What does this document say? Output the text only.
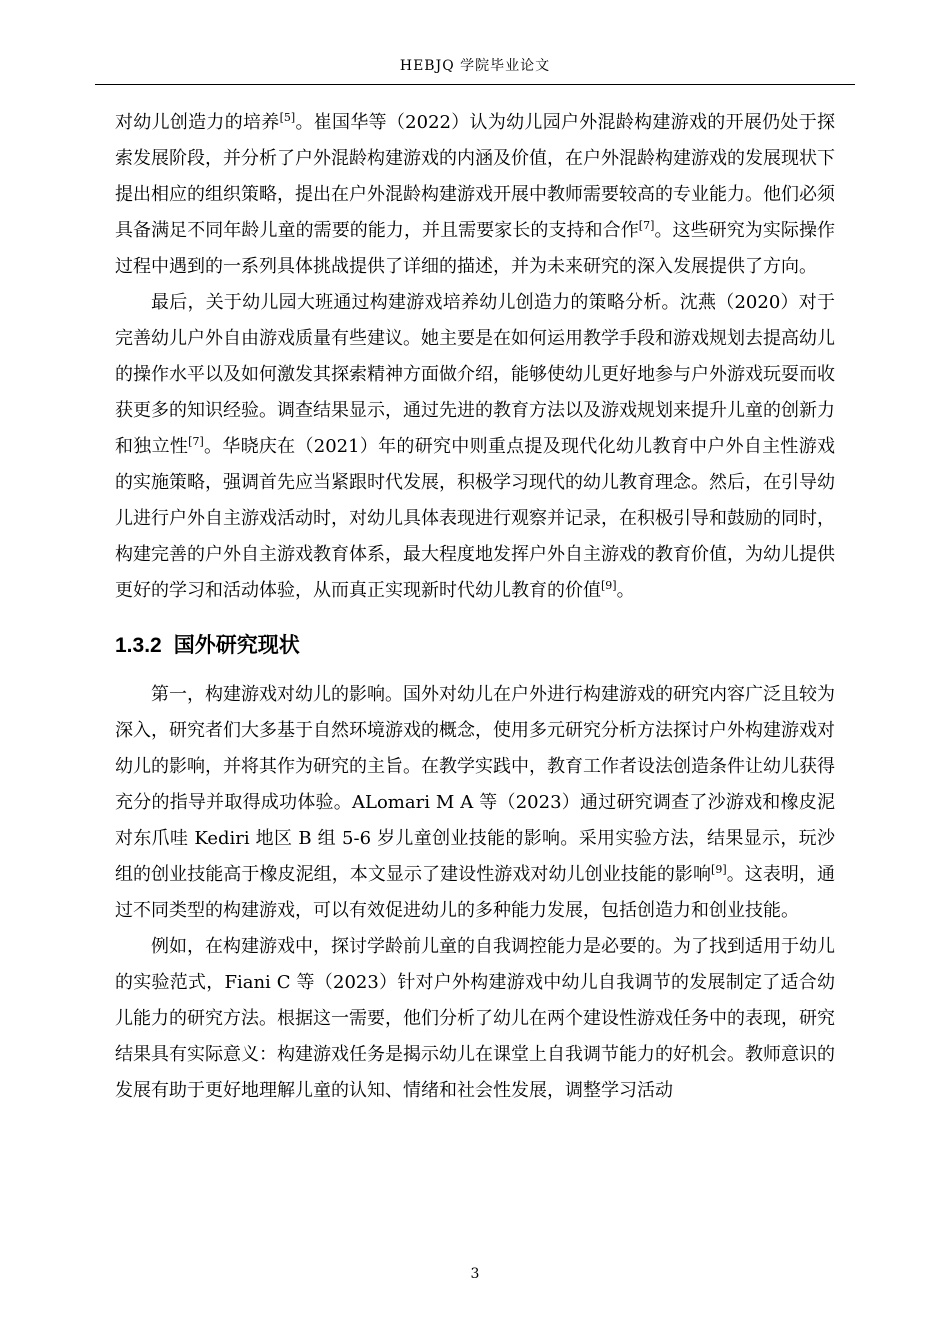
HEBJQ 学院毕业论文

对幼儿创造力的培养[5]。崔国华等（2022）认为幼儿园户外混龄构建游戏的开展仍处于探索发展阶段，并分析了户外混龄构建游戏的内涵及价值，在户外混龄构建游戏的发展现状下提出相应的组织策略，提出在户外混龄构建游戏开展中教师需要较高的专业能力。他们必须具备满足不同年龄儿童的需要的能力，并且需要家长的支持和合作[7]。这些研究为实际操作过程中遇到的一系列具体挑战提供了详细的描述，并为未来研究的深入发展提供了方向。

最后，关于幼儿园大班通过构建游戏培养幼儿创造力的策略分析。沈燕（2020）对于完善幼儿户外自由游戏质量有些建议。她主要是在如何运用教学手段和游戏规划去提高幼儿的操作水平以及如何激发其探索精神方面做介绍，能够使幼儿更好地参与户外游戏玩耍而收获更多的知识经验。调查结果显示，通过先进的教育方法以及游戏规划来提升儿童的创新力和独立性[7]。华晓庆在（2021）年的研究中则重点提及现代化幼儿教育中户外自主性游戏的实施策略，强调首先应当紧跟时代发展，积极学习现代的幼儿教育理念。然后，在引导幼儿进行户外自主游戏活动时，对幼儿具体表现进行观察并记录，在积极引导和鼓励的同时，构建完善的户外自主游戏教育体系，最大程度地发挥户外自主游戏的教育价值，为幼儿提供更好的学习和活动体验，从而真正实现新时代幼儿教育的价值[9]。

1.3.2 国外研究现状

第一，构建游戏对幼儿的影响。国外对幼儿在户外进行构建游戏的研究内容广泛且较为深入，研究者们大多基于自然环境游戏的概念，使用多元研究分析方法探讨户外构建游戏对幼儿的影响，并将其作为研究的主旨。在教学实践中，教育工作者设法创造条件让幼儿获得充分的指导并取得成功体验。ALomari M A 等（2023）通过研究调查了沙游戏和橡皮泥对东爪哇 Kediri 地区 B 组 5-6 岁儿童创业技能的影响。采用实验方法，结果显示，玩沙组的创业技能高于橡皮泥组，本文显示了建设性游戏对幼儿创业技能的影响[9]。这表明，通过不同类型的构建游戏，可以有效促进幼儿的多种能力发展，包括创造力和创业技能。

例如，在构建游戏中，探讨学龄前儿童的自我调控能力是必要的。为了找到适用于幼儿的实验范式，Fiani C 等（2023）针对户外构建游戏中幼儿自我调节的发展制定了适合幼儿能力的研究方法。根据这一需要，他们分析了幼儿在两个建设性游戏任务中的表现，研究结果具有实际意义：构建游戏任务是揭示幼儿在课堂上自我调节能力的好机会。教师意识的发展有助于更好地理解儿童的认知、情绪和社会性发展，调整学习活动

3
